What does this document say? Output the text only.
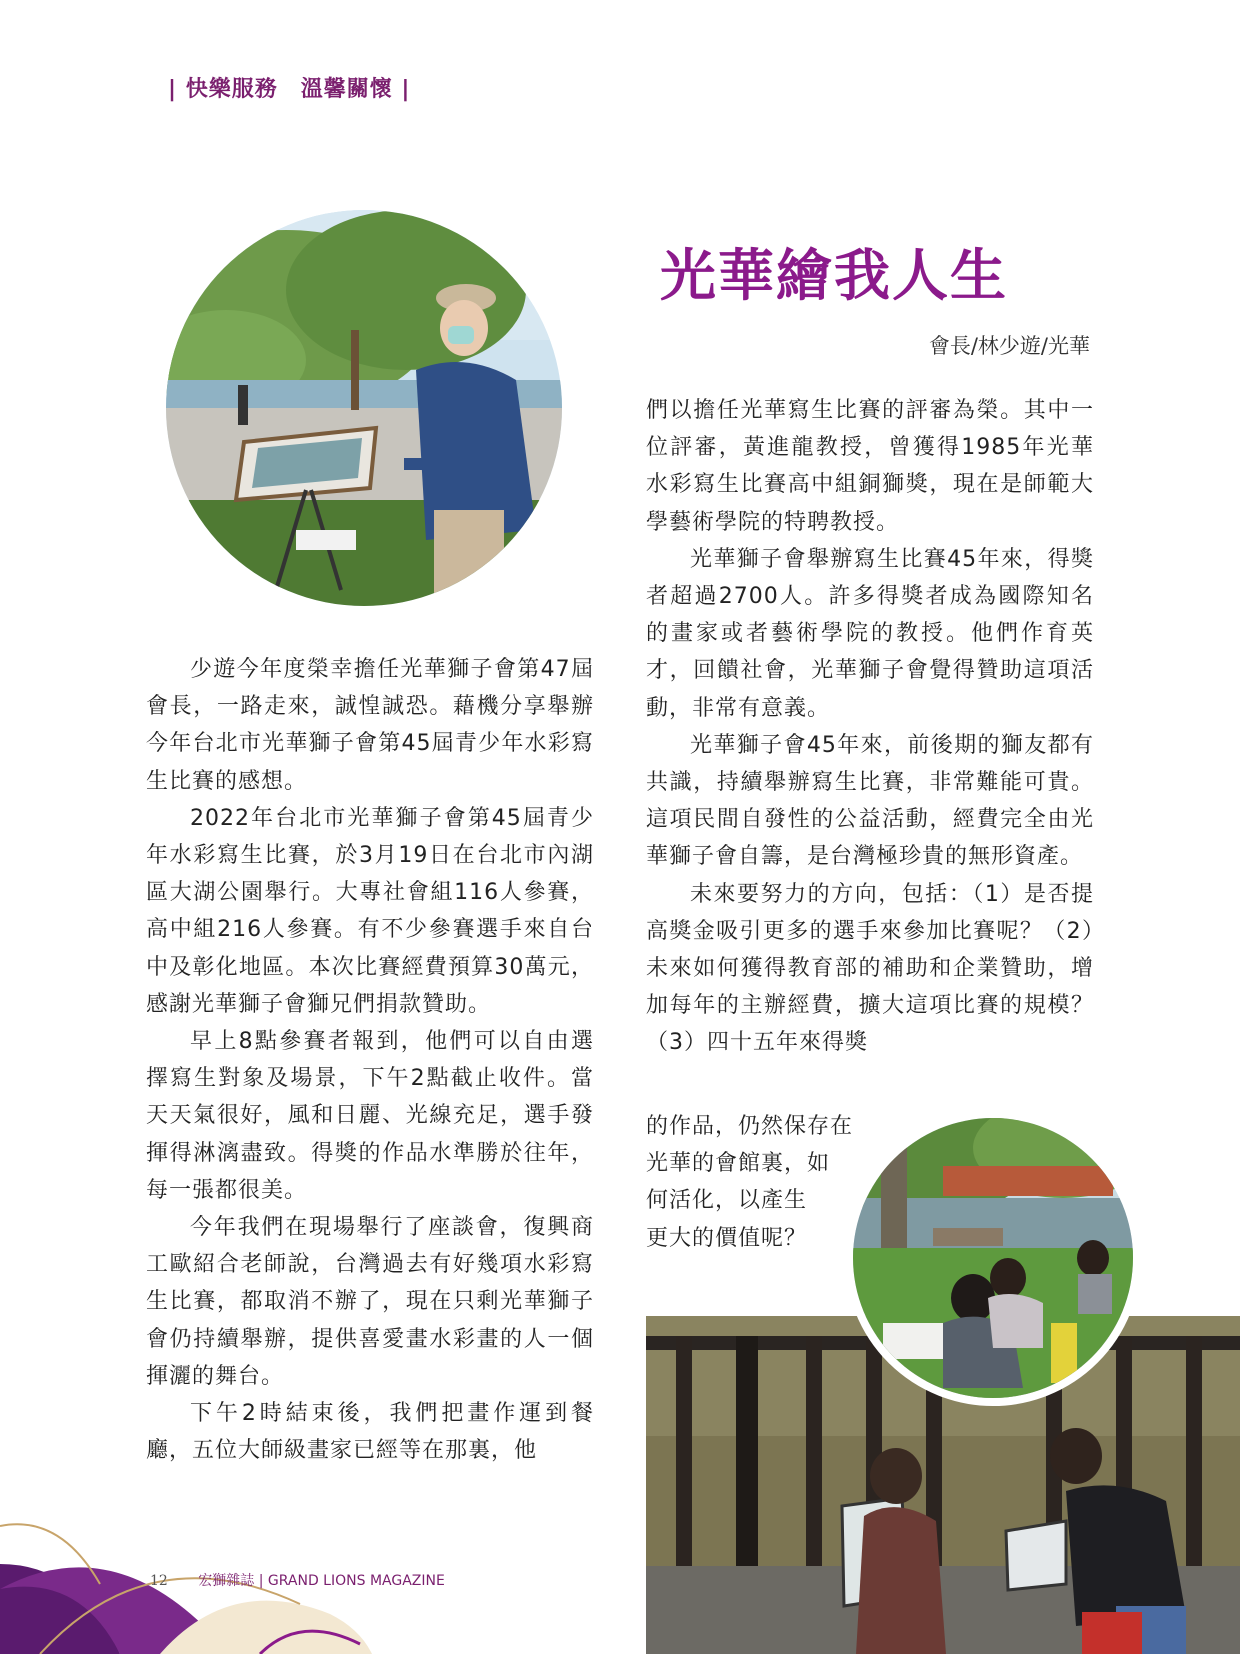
| 快樂服務　溫馨關懷 |
光華繪我人生
會長/林少遊/光華

少遊今年度榮幸擔任光華獅子會第47屆會長，一路走來，誠惶誠恐。藉機分享舉辦今年台北市光華獅子會第45屆青少年水彩寫生比賽的感想。

2022年台北市光華獅子會第45屆青少年水彩寫生比賽，於3月19日在台北市內湖區大湖公園舉行。大專社會組116人參賽，高中組216人參賽。有不少參賽選手來自台中及彰化地區。本次比賽經費預算30萬元，感謝光華獅子會獅兄們捐款贊助。

早上8點參賽者報到，他們可以自由選擇寫生對象及場景，下午2點截止收件。當天天氣很好，風和日麗、光線充足，選手發揮得淋漓盡致。得獎的作品水準勝於往年，每一張都很美。

今年我們在現場舉行了座談會，復興商工歐紹合老師說，台灣過去有好幾項水彩寫生比賽，都取消不辦了，現在只剩光華獅子會仍持續舉辦，提供喜愛畫水彩畫的人一個揮灑的舞台。

下午2時結束後，我們把畫作運到餐廳，五位大師級畫家已經等在那裏，他

們以擔任光華寫生比賽的評審為榮。其中一位評審，黃進龍教授，曾獲得1985年光華水彩寫生比賽高中組銅獅獎，現在是師範大學藝術學院的特聘教授。

光華獅子會舉辦寫生比賽45年來，得獎者超過2700人。許多得獎者成為國際知名的畫家或者藝術學院的教授。他們作育英才，回饋社會，光華獅子會覺得贊助這項活動，非常有意義。

光華獅子會45年來，前後期的獅友都有共識，持續舉辦寫生比賽，非常難能可貴。這項民間自發性的公益活動，經費完全由光華獅子會自籌，是台灣極珍貴的無形資產。

未來要努力的方向，包括：（1）是否提高獎金吸引更多的選手來參加比賽呢？（2）未來如何獲得教育部的補助和企業贊助，增加每年的主辦經費，擴大這項比賽的規模？（3）四十五年來得獎

的作品，仍然保存在
光華的會館裏，如
何活化，以產生
更大的價值呢？
12 宏獅雜誌 | GRAND LIONS MAGAZINE
